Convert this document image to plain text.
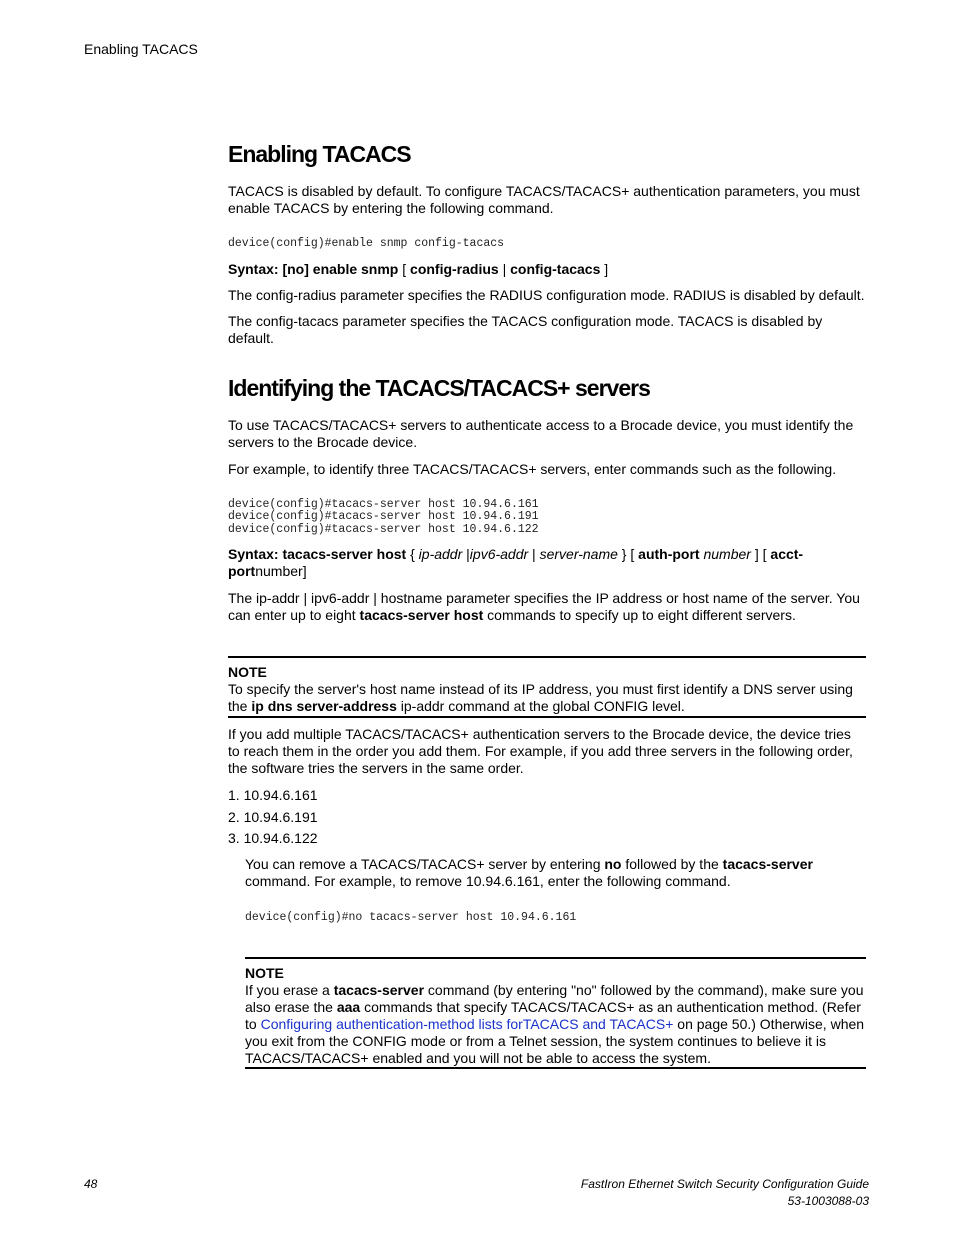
Enabling TACACS
Enabling TACACS

TACACS is disabled by default. To configure TACACS/TACACS+ authentication parameters, you must enable TACACS by entering the following command.

device(config)#enable snmp config-tacacs

Syntax: [no] enable snmp [ config-radius | config-tacacs ]

The config-radius parameter specifies the RADIUS configuration mode. RADIUS is disabled by default.

The config-tacacs parameter specifies the TACACS configuration mode. TACACS is disabled by default.

Identifying the TACACS/TACACS+ servers

To use TACACS/TACACS+ servers to authenticate access to a Brocade device, you must identify the servers to the Brocade device.

For example, to identify three TACACS/TACACS+ servers, enter commands such as the following.

device(config)#tacacs-server host 10.94.6.161
device(config)#tacacs-server host 10.94.6.191
device(config)#tacacs-server host 10.94.6.122

Syntax: tacacs-server host { ip-addr |ipv6-addr | server-name } [ auth-port number ] [ acct-portnumber]

The ip-addr | ipv6-addr | hostname parameter specifies the IP address or host name of the server. You can enter up to eight tacacs-server host commands to specify up to eight different servers.

NOTE

To specify the server's host name instead of its IP address, you must first identify a DNS server using the ip dns server-address ip-addr command at the global CONFIG level.

If you add multiple TACACS/TACACS+ authentication servers to the Brocade device, the device tries to reach them in the order you add them. For example, if you add three servers in the following order, the software tries the servers in the same order.

1. 10.94.6.161
2. 10.94.6.191
3. 10.94.6.122

You can remove a TACACS/TACACS+ server by entering no followed by the tacacs-server command. For example, to remove 10.94.6.161, enter the following command.

device(config)#no tacacs-server host 10.94.6.161
NOTE

If you erase a tacacs-server command (by entering "no" followed by the command), make sure you also erase the aaa commands that specify TACACS/TACACS+ as an authentication method. (Refer to Configuring authentication-method lists forTACACS and TACACS+ on page 50.) Otherwise, when you exit from the CONFIG mode or from a Telnet session, the system continues to believe it is TACACS/TACACS+ enabled and you will not be able to access the system.

48	FastIron Ethernet Switch Security Configuration Guide
53-1003088-03
